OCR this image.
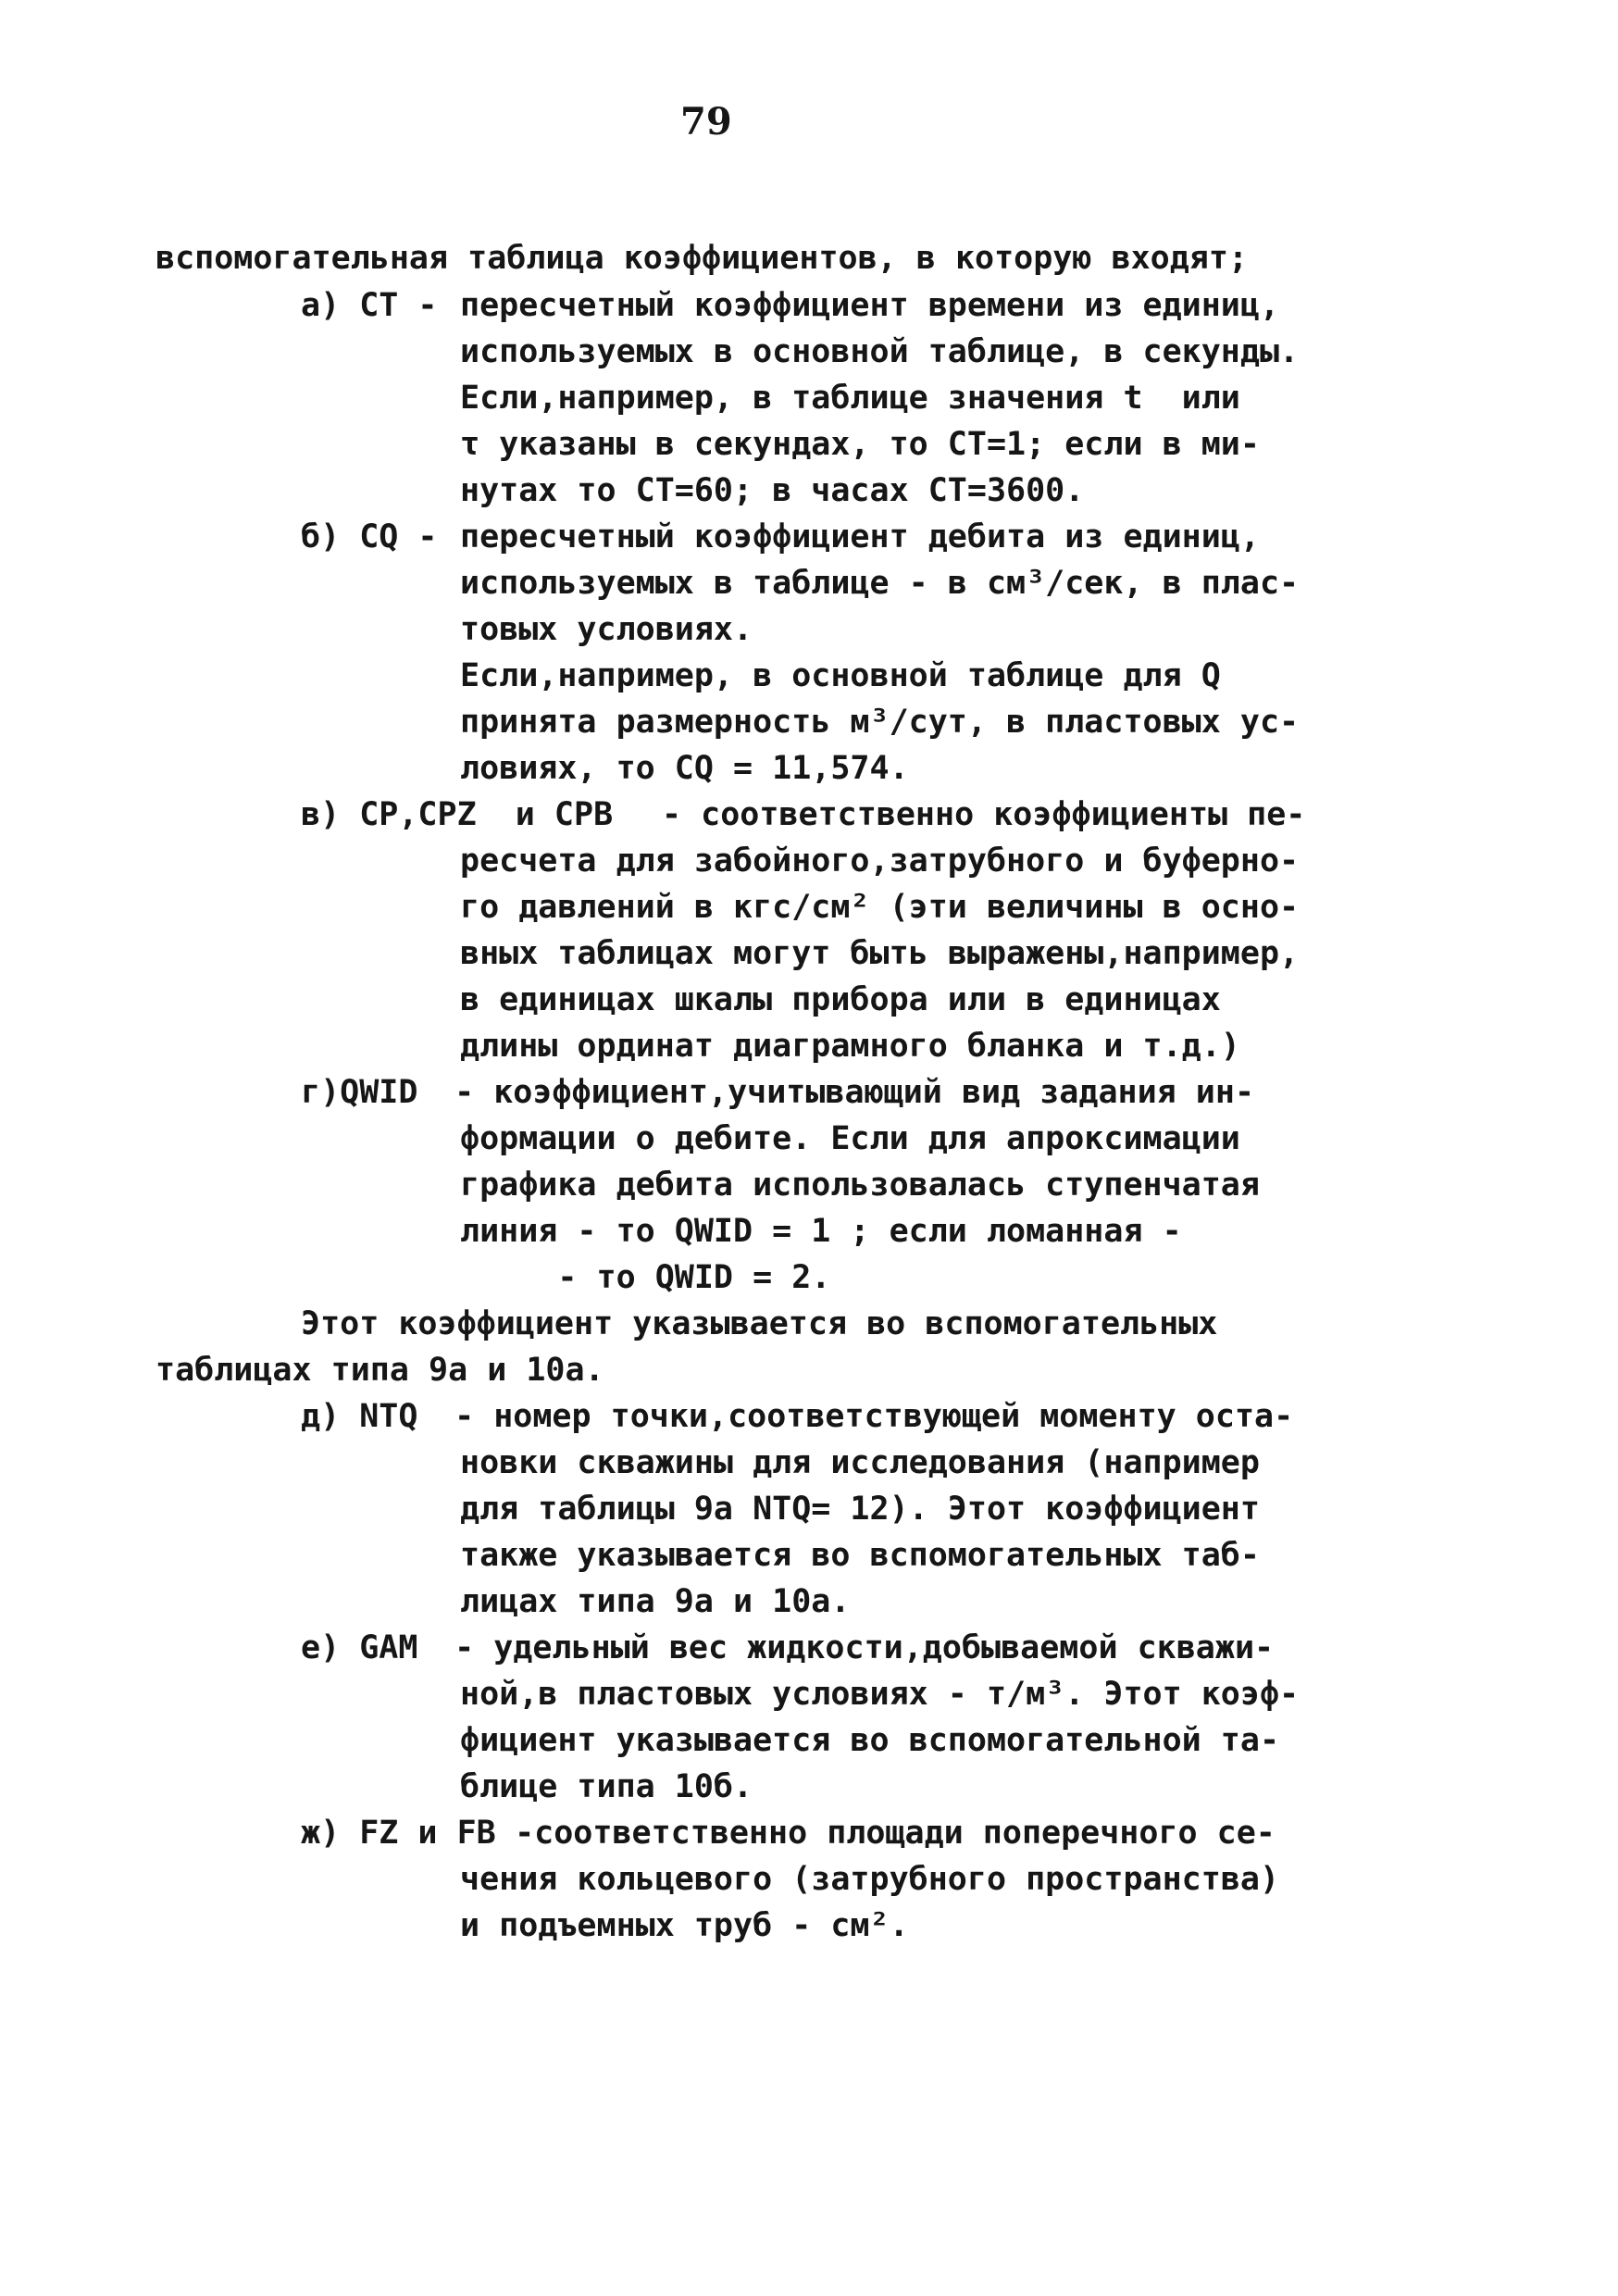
79
вспомогательная таблица коэффициентов, в которую входят;
а) СТ - пересчетный коэффициент времени из единиц,
используемых в основной таблице, в секунды.
Если,например, в таблице значения t  или
τ указаны в секундах, то СТ=1; если в ми-
нутах то СТ=60; в часах СТ=3600.
б) СQ - пересчетный коэффициент дебита из единиц,
используемых в таблице - в см³/сек, в плас-
товых условиях.
Если,например, в основной таблице для Q
принята размерность м³/сут, в пластовых ус-
ловиях, то СQ = 11,574.
в) СР,СРZ  и СРВ - соответственно коэффициенты пе-
ресчета для забойного,затрубного и буферно-
го давлений в кгс/см² (эти величины в осно-
вных таблицах могут быть выражены,например,
в единицах шкалы прибора или в единицах
длины ординат диаграмного бланка и т.д.)
г)QWID - коэффициент,учитывающий вид задания ин-
формации о дебите. Если для апроксимации
графика дебита использовалась ступенчатая
линия - то QWID = 1 ; если ломанная -
- то QWID = 2.
Этот коэффициент указывается во вспомогательных
таблицах типа 9а и 10а.
д) NTQ - номер точки,соответствующей моменту оста-
новки скважины для исследования (например
для таблицы 9а NTQ= 12). Этот коэффициент
также указывается во вспомогательных таб-
лицах типа 9а и 10а.
е) GAM - удельный вес жидкости,добываемой скважи-
ной,в пластовых условиях - т/м³. Этот коэф-
фициент указывается во вспомогательной та-
блице типа 10б.
ж) FZ и FB -соответственно площади поперечного се-
чения кольцевого (затрубного пространства)
и подъемных труб - см².
